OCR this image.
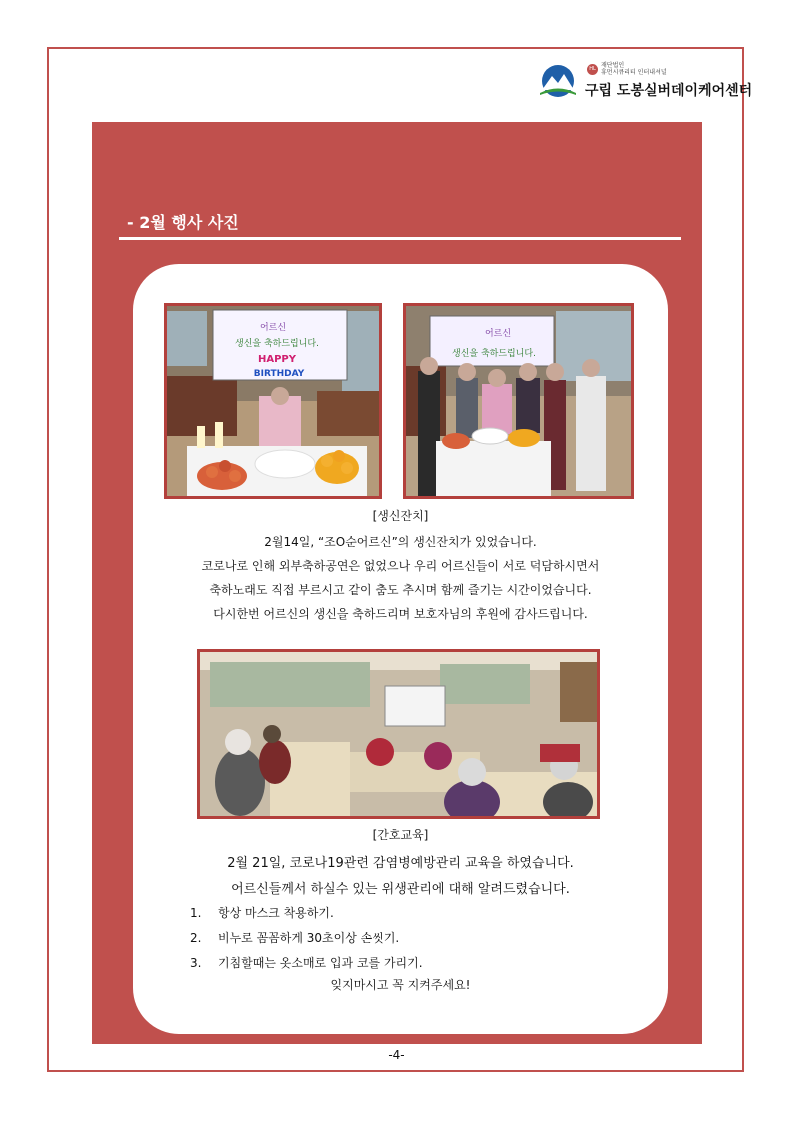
HL 재단법인
휴먼시큐리티 인터내셔널
구립 도봉실버데이케어센터
- 2월 행사 사진
어르신
생신을 축하드립니다.
HAPPY
BIRTHDAY
어르신
생신을 축하드립니다.
[생신잔치]
2월14일, “조O순어르신”의 생신잔치가 있었습니다.
코로나로 인해 외부축하공연은 없었으나 우리 어르신들이 서로 덕담하시면서
축하노래도 직접 부르시고 같이 춤도 추시며 함께 즐기는 시간이었습니다.
다시한번 어르신의 생신을 축하드리며 보호자님의 후원에 감사드립니다.
[간호교육]
2월 21일, 코로나19관련 감염병예방관리 교육을 하였습니다.
어르신들께서 하실수 있는 위생관리에 대해 알려드렸습니다.
1. 항상 마스크 착용하기.
2. 비누로 꼼꼼하게 30초이상 손씻기.
3. 기침할때는 옷소매로 입과 코를 가리기.
잊지마시고 꼭 지켜주세요!
-4-
